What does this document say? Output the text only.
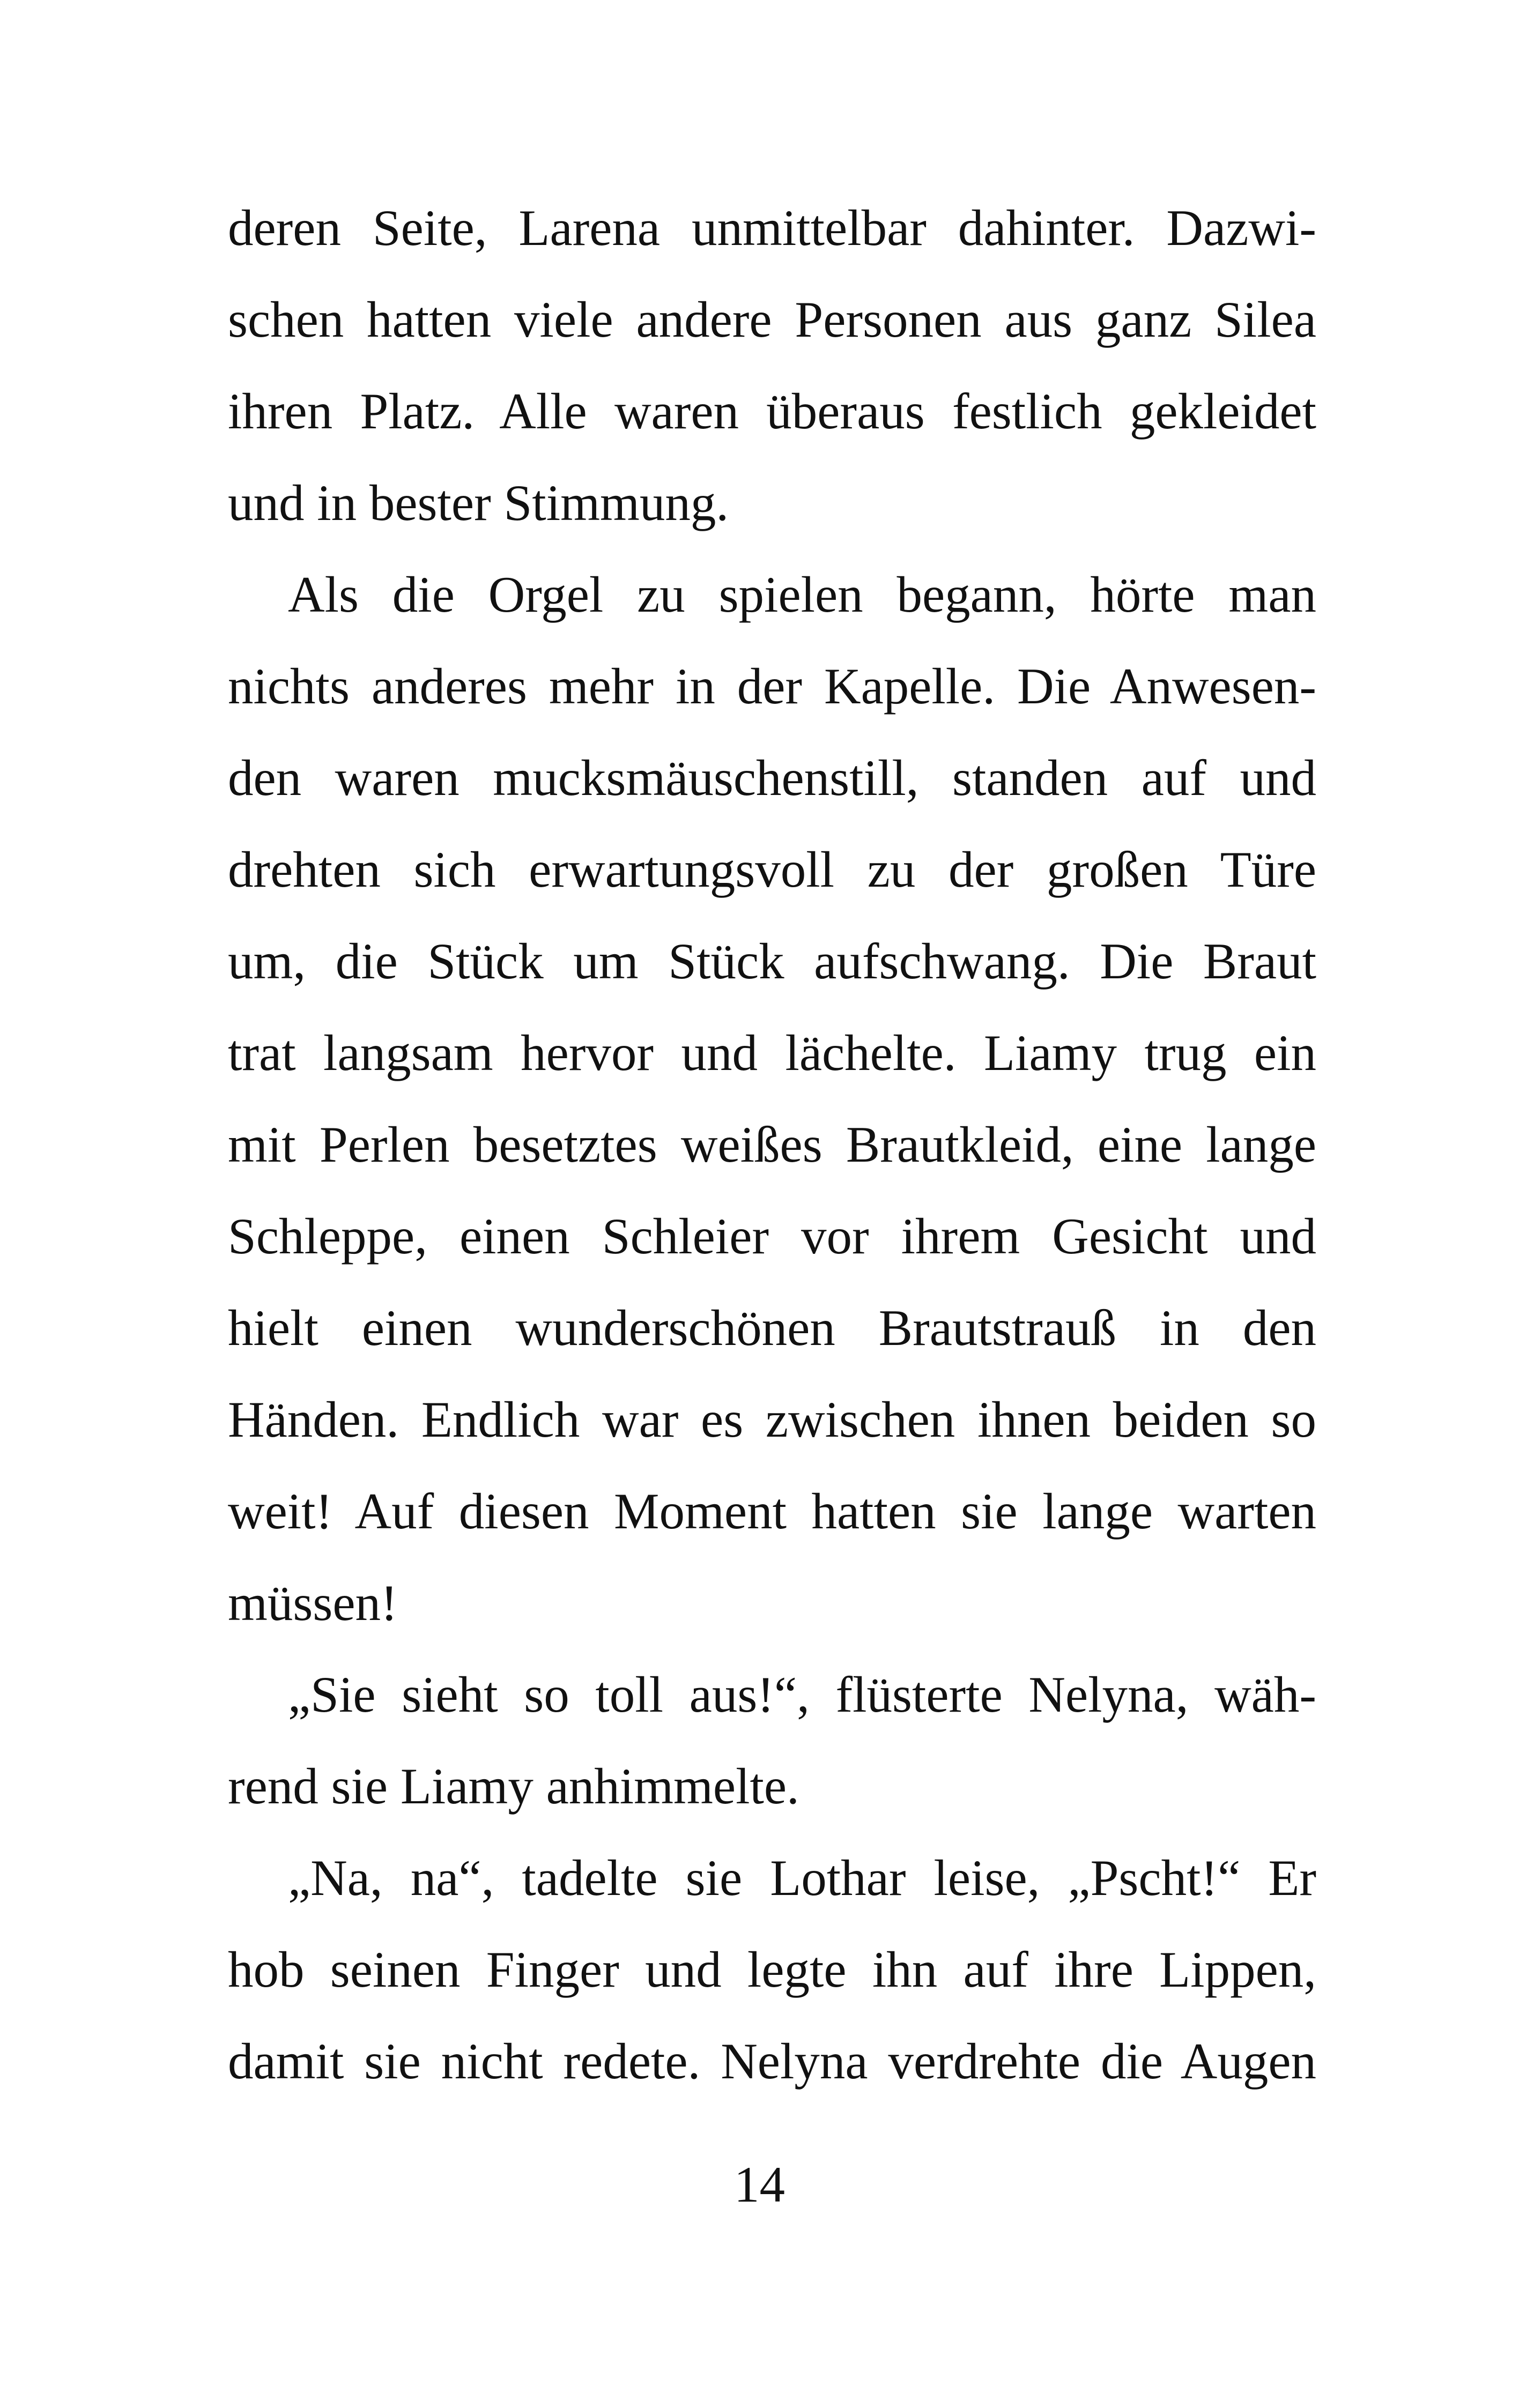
deren Seite, Larena unmittelbar dahinter. Dazwi-
schen hatten viele andere Personen aus ganz Silea
ihren Platz. Alle waren überaus festlich gekleidet
und in bester Stimmung.
Als die Orgel zu spielen begann, hörte man
nichts anderes mehr in der Kapelle. Die Anwesen-
den waren mucksmäuschenstill, standen auf und
drehten sich erwartungsvoll zu der großen Türe
um, die Stück um Stück aufschwang. Die Braut
trat langsam hervor und lächelte. Liamy trug ein
mit Perlen besetztes weißes Brautkleid, eine lange
Schleppe, einen Schleier vor ihrem Gesicht und
hielt einen wunderschönen Brautstrauß in den
Händen. Endlich war es zwischen ihnen beiden so
weit! Auf diesen Moment hatten sie lange warten
müssen!
„Sie sieht so toll aus!“, flüsterte Nelyna, wäh-
rend sie Liamy anhimmelte.
„Na, na“, tadelte sie Lothar leise, „Pscht!“ Er
hob seinen Finger und legte ihn auf ihre Lippen,
damit sie nicht redete. Nelyna verdrehte die Augen
14
